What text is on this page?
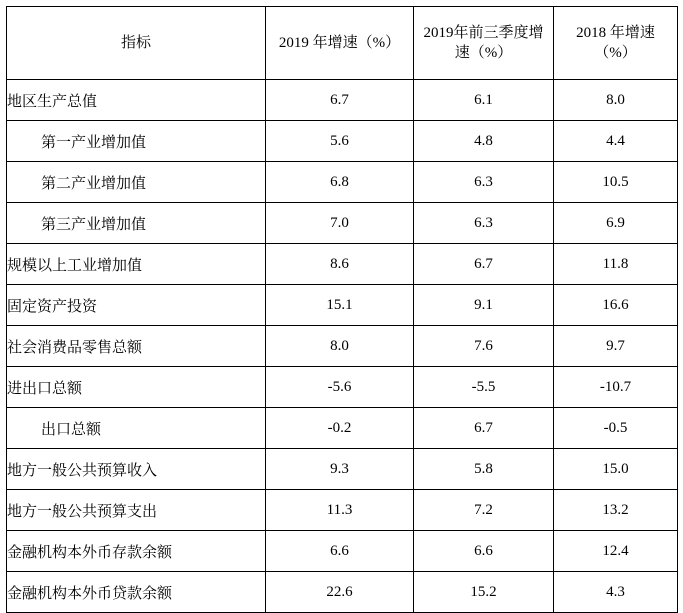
指标	2019 年增速（%）	2019年前三季度增速（%）	2018 年增速（%）

地区生产总值	6.7	6.1	8.0
第一产业增加值	5.6	4.8	4.4
第二产业增加值	6.8	6.3	10.5
第三产业增加值	7.0	6.3	6.9
规模以上工业增加值	8.6	6.7	11.8
固定资产投资	15.1	9.1	16.6
社会消费品零售总额	8.0	7.6	9.7
进出口总额	-5.6	-5.5	-10.7
出口总额	-0.2	6.7	-0.5
地方一般公共预算收入	9.3	5.8	15.0
地方一般公共预算支出	11.3	7.2	13.2
金融机构本外币存款余额	6.6	6.6	12.4
金融机构本外币贷款余额	22.6	15.2	4.3
